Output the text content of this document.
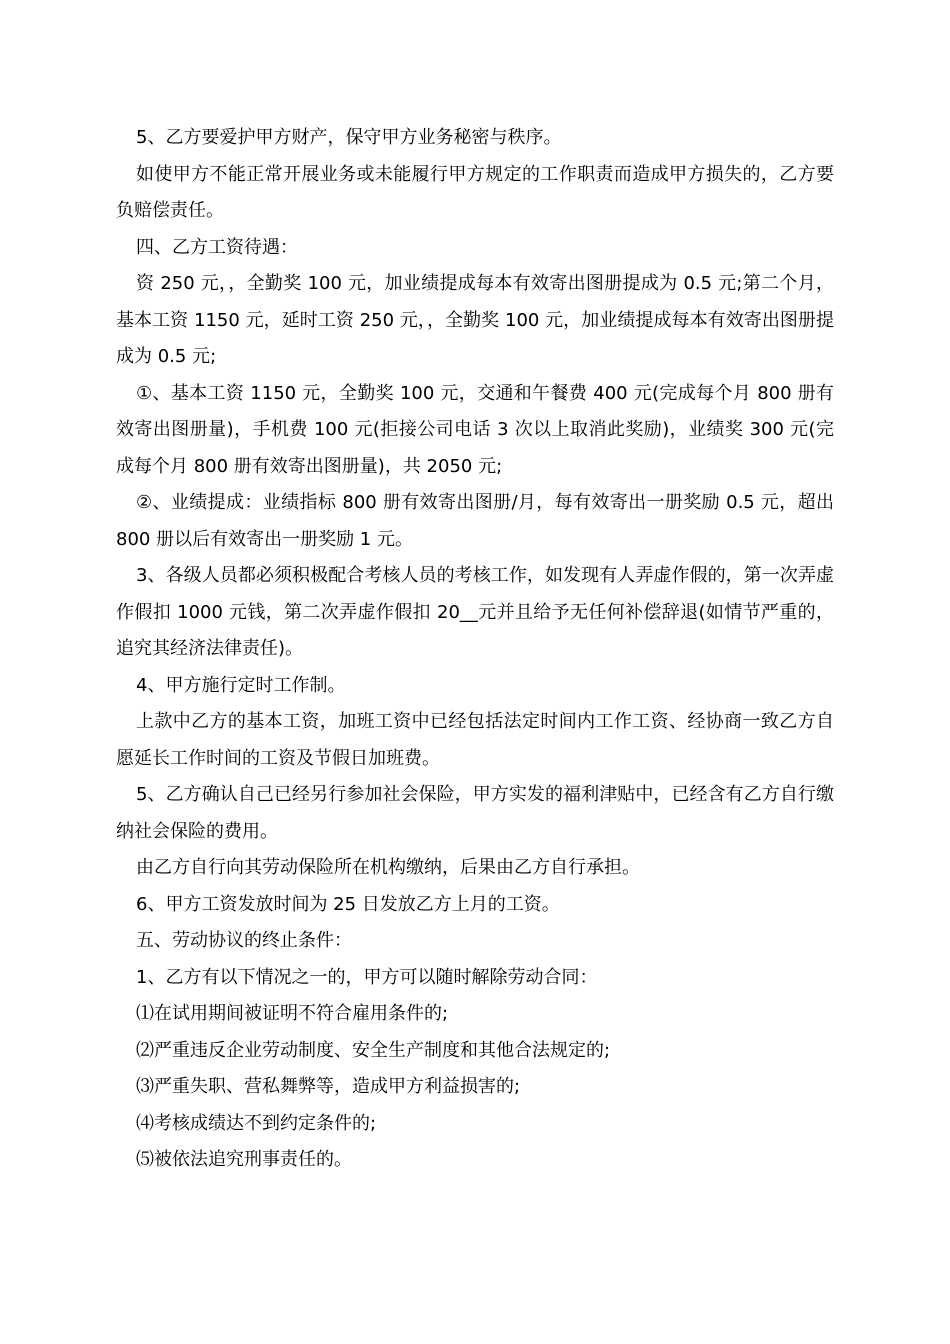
5、乙方要爱护甲方财产，保守甲方业务秘密与秩序。

如使甲方不能正常开展业务或未能履行甲方规定的工作职责而造成甲方损失的，乙方要负赔偿责任。

四、乙方工资待遇：

资 250 元，，全勤奖 100 元，加业绩提成每本有效寄出图册提成为 0.5 元;第二个月，基本工资 1150 元，延时工资 250 元，，全勤奖 100 元，加业绩提成每本有效寄出图册提成为 0.5 元;

①、基本工资 1150 元，全勤奖 100 元，交通和午餐费 400 元(完成每个月 800 册有效寄出图册量)，手机费 100 元(拒接公司电话 3 次以上取消此奖励)，业绩奖 300 元(完成每个月 800 册有效寄出图册量)，共 2050 元;

②、业绩提成：业绩指标 800 册有效寄出图册/月，每有效寄出一册奖励 0.5 元，超出 800 册以后有效寄出一册奖励 1 元。

3、各级人员都必须积极配合考核人员的考核工作，如发现有人弄虚作假的，第一次弄虚作假扣 1000 元钱，第二次弄虚作假扣 20__元并且给予无任何补偿辞退(如情节严重的，追究其经济法律责任)。

4、甲方施行定时工作制。

上款中乙方的基本工资，加班工资中已经包括法定时间内工作工资、经协商一致乙方自愿延长工作时间的工资及节假日加班费。

5、乙方确认自己已经另行参加社会保险，甲方实发的福利津贴中，已经含有乙方自行缴纳社会保险的费用。

由乙方自行向其劳动保险所在机构缴纳，后果由乙方自行承担。

6、甲方工资发放时间为 25 日发放乙方上月的工资。

五、劳动协议的终止条件：

1、乙方有以下情况之一的，甲方可以随时解除劳动合同：

⑴在试用期间被证明不符合雇用条件的;

⑵严重违反企业劳动制度、安全生产制度和其他合法规定的;

⑶严重失职、营私舞弊等，造成甲方利益损害的;

⑷考核成绩达不到约定条件的;

⑸被依法追究刑事责任的。
